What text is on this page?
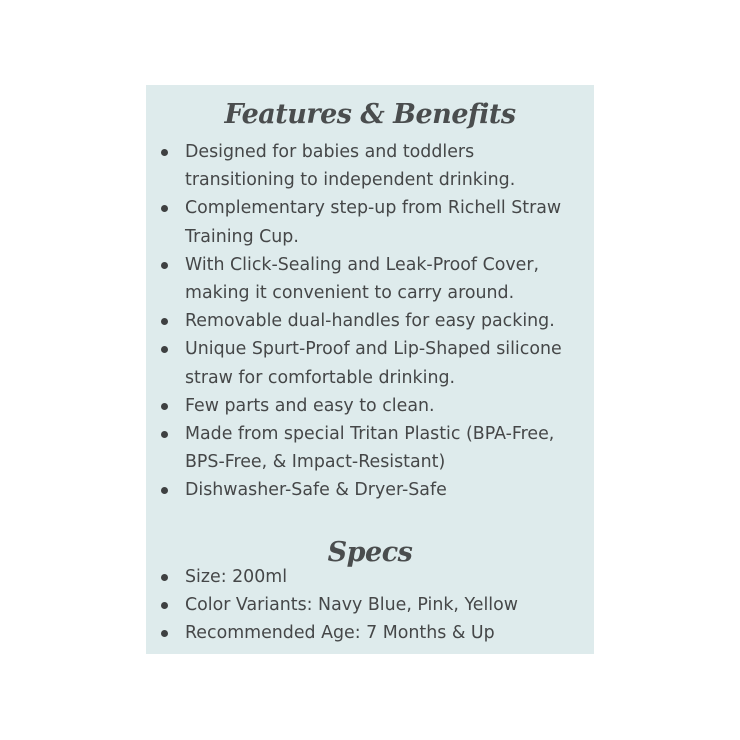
Features & Benefits
Designed for babies and toddlers transitioning to independent drinking.
Complementary step-up from Richell Straw Training Cup.
With Click-Sealing and Leak-Proof Cover, making it convenient to carry around.
Removable dual-handles for easy packing.
Unique Spurt-Proof and Lip-Shaped silicone straw for comfortable drinking.
Few parts and easy to clean.
Made from special Tritan Plastic (BPA-Free, BPS-Free, & Impact-Resistant)
Dishwasher-Safe & Dryer-Safe
Specs
Size: 200ml
Color Variants: Navy Blue, Pink, Yellow
Recommended Age: 7 Months & Up
